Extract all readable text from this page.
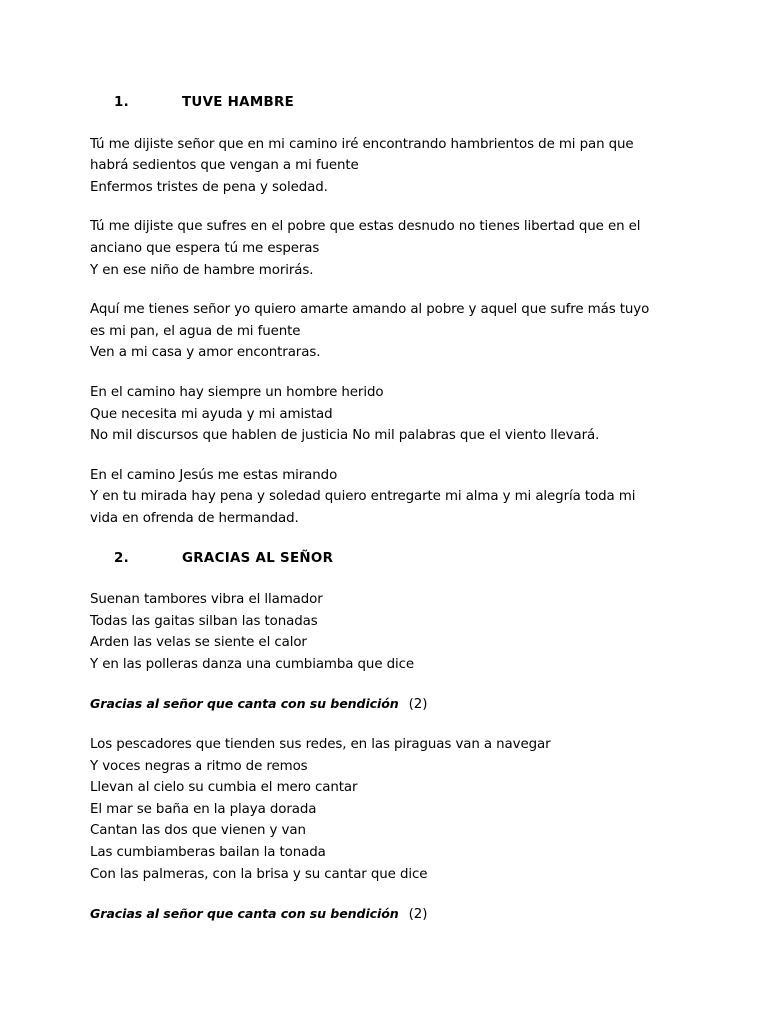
1.	TUVE HAMBRE
Tú me dijiste señor que en mi camino iré encontrando hambrientos de mi pan que
habrá sedientos que vengan a mi fuente
Enfermos tristes de pena y soledad.
Tú me dijiste que sufres en el pobre que estas desnudo no tienes libertad que en el
anciano que espera tú me esperas
Y en ese niño de hambre morirás.
Aquí me tienes señor yo quiero amarte amando al pobre y aquel que sufre más tuyo
es mi pan, el agua de mi fuente
Ven a mi casa y amor encontraras.
En el camino hay siempre un hombre herido
Que necesita mi ayuda y mi amistad
No mil discursos que hablen de justicia No mil palabras que el viento llevará.
En el camino Jesús me estas mirando
Y en tu mirada hay pena y soledad quiero entregarte mi alma y mi alegría toda mi
vida en ofrenda de hermandad.
2.	GRACIAS AL SEÑOR
Suenan tambores vibra el llamador
Todas las gaitas silban las tonadas
Arden las velas se siente el calor
Y en las polleras danza una cumbiamba que dice
Gracias al señor que canta con su bendición (2)
Los pescadores que tienden sus redes, en las piraguas van a navegar
Y voces negras a ritmo de remos
Llevan al cielo su cumbia el mero cantar
El mar se baña en la playa dorada
Cantan las dos que vienen y van
Las cumbiamberas bailan la tonada
Con las palmeras, con la brisa y su cantar que dice
Gracias al señor que canta con su bendición (2)
